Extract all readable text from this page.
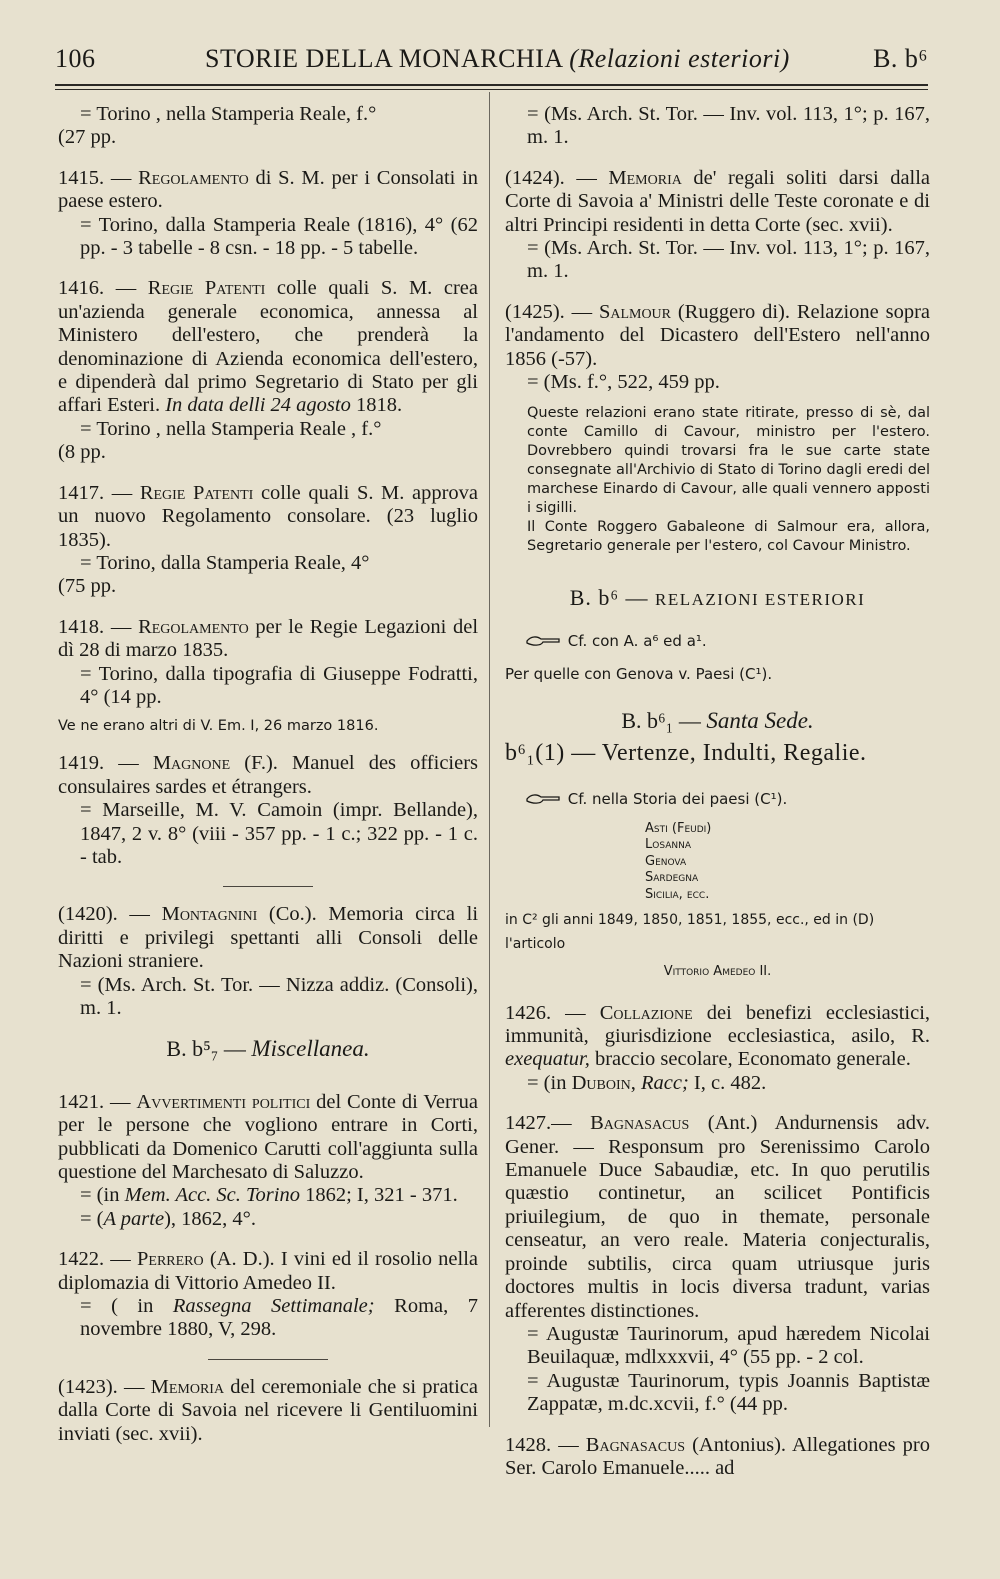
106	STORIE DELLA MONARCHIA (Relazioni esteriori)	B. b⁶

= Torino , nella Stamperia Reale, f.°

(27 pp.

1415. — Regolamento di S. M. per i Consolati in paese estero.

= Torino, dalla Stamperia Reale (1816), 4° (62 pp. - 3 tabelle - 8 csn. - 18 pp. - 5 tabelle.

1416. — Regie Patenti colle quali S. M. crea un'azienda generale economica, annessa al Ministero dell'estero, che prenderà la denominazione di Azienda economica dell'estero, e dipenderà dal primo Segretario di Stato per gli affari Esteri. In data delli 24 agosto 1818.

= Torino , nella Stamperia Reale , f.°

(8 pp.

1417. — Regie Patenti colle quali S. M. approva un nuovo Regolamento consolare. (23 luglio 1835).

= Torino, dalla Stamperia Reale, 4°

(75 pp.

1418. — Regolamento per le Regie Legazioni del dì 28 di marzo 1835.

= Torino, dalla tipografia di Giuseppe Fodratti, 4° (14 pp.

Ve ne erano altri di V. Em. I, 26 marzo 1816.

1419. — Magnone (F.). Manuel des officiers consulaires sardes et étrangers.

= Marseille, M. V. Camoin (impr. Bellande), 1847, 2 v. 8° (viii - 357 pp. - 1 c.; 322 pp. - 1 c. - tab.

(1420). — Montagnini (Co.). Memoria circa li diritti e privilegi spettanti alli Consoli delle Nazioni straniere.

= (Ms. Arch. St. Tor. — Nizza addiz. (Consoli), m. 1.

B. b⁵₇ — Miscellanea.

1421. — Avvertimenti politici del Conte di Verrua per le persone che vogliono entrare in Corti, pubblicati da Domenico Carutti coll'aggiunta sulla questione del Marchesato di Saluzzo.

= (in Mem. Acc. Sc. Torino 1862; I, 321 - 371.

= (A parte), 1862, 4°.

1422. — Perrero (A. D.). I vini ed il rosolio nella diplomazia di Vittorio Amedeo II.

= ( in Rassegna Settimanale; Roma, 7 novembre 1880, V, 298.

(1423). — Memoria del ceremoniale che si pratica dalla Corte di Savoia nel ricevere li Gentiluomini inviati (sec. xvii).

= (Ms. Arch. St. Tor. — Inv. vol. 113, 1°; p. 167, m. 1.

(1424). — Memoria de' regali soliti darsi dalla Corte di Savoia a' Ministri delle Teste coronate e di altri Principi residenti in detta Corte (sec. xvii).

= (Ms. Arch. St. Tor. — Inv. vol. 113, 1°; p. 167, m. 1.

(1425). — Salmour (Ruggero di). Relazione sopra l'andamento del Dicastero dell'Estero nell'anno 1856 (-57).

= (Ms. f.°, 522, 459 pp.

Queste relazioni erano state ritirate, presso di sè, dal conte Camillo di Cavour, ministro per l'estero. Dovrebbero quindi trovarsi fra le sue carte state consegnate all'Archivio di Stato di Torino dagli eredi del marchese Einardo di Cavour, alle quali vennero apposti i sigilli.

Il Conte Roggero Gabaleone di Salmour era, allora, Segretario generale per l'estero, col Cavour Ministro.

B. b⁶ — RELAZIONI ESTERIORI
Cf. con A. a⁶ ed a¹.
Per quelle con Genova v. Paesi (C¹).
B. b⁶₁ — Santa Sede.
b⁶₁(1) — Vertenze, Indulti, Regalie.
Cf. nella Storia dei paesi (C¹).
Asti (Feudi)
Losanna
Genova
Sardegna
Sicilia, ecc.
in C² gli anni 1849, 1850, 1851, 1855, ecc., ed in (D) l'articolo
Vittorio Amedeo II.

1426. — Collazione dei benefizi ecclesiastici, immunità, giurisdizione ecclesiastica, asilo, R. exequatur, braccio secolare, Economato generale.

= (in Duboin, Racc; I, c. 482.

1427.— Bagnasacus (Ant.) Andurnensis adv. Gener. — Responsum pro Serenissimo Carolo Emanuele Duce Sabaudiæ, etc. In quo perutilis quæstio continetur, an scilicet Pontificis priuilegium, de quo in themate, personale censeatur, an vero reale. Materia conjecturalis, proinde subtilis, circa quam utriusque juris doctores multis in locis diversa tradunt, varias afferentes distinctiones.

= Augustæ Taurinorum, apud hæredem Nicolai Beuilaquæ, mdlxxxvii, 4° (55 pp. - 2 col.

= Augustæ Taurinorum, typis Joannis Baptistæ Zappatæ, m.dc.xcvii, f.° (44 pp.

1428. — Bagnasacus (Antonius). Allegationes pro Ser. Carolo Emanuele..... ad
